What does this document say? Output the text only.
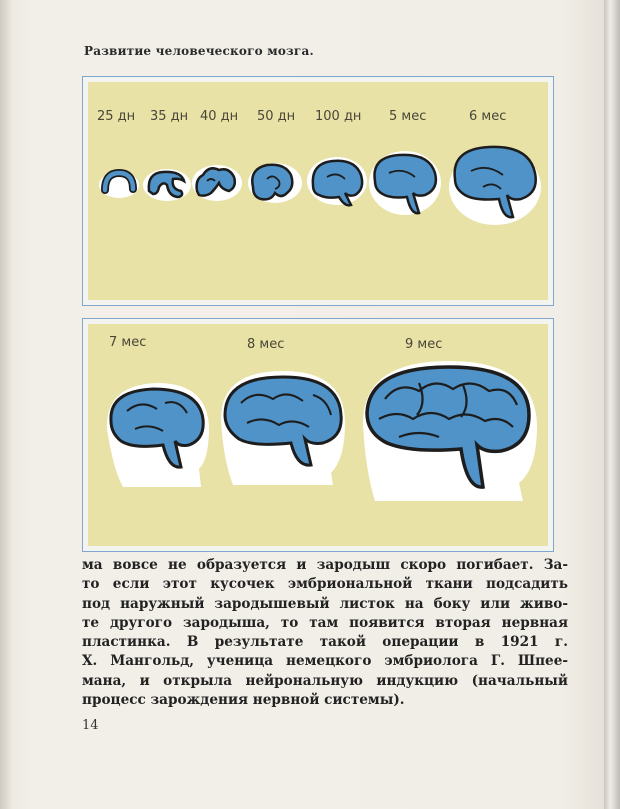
Развитие человеческого мозга.
25 дн 35 дн 40 дн 50 дн 100 дн 5 мес	6 мес
7 мес	8 мес	9 мес

ма вовсе не образуется и зародыш скоро погибает. За-
то если этот кусочек эмбриональной ткани подсадить
под наружный зародышевый листок на боку или живо-
те другого зародыша, то там появится вторая нервная
пластинка. В результате такой операции в 1921 г.
Х. Мангольд, ученица немецкого эмбриолога Г. Шпее-
мана, и открыла нейрональную индукцию (начальный
процесс зарождения нервной системы).

14
